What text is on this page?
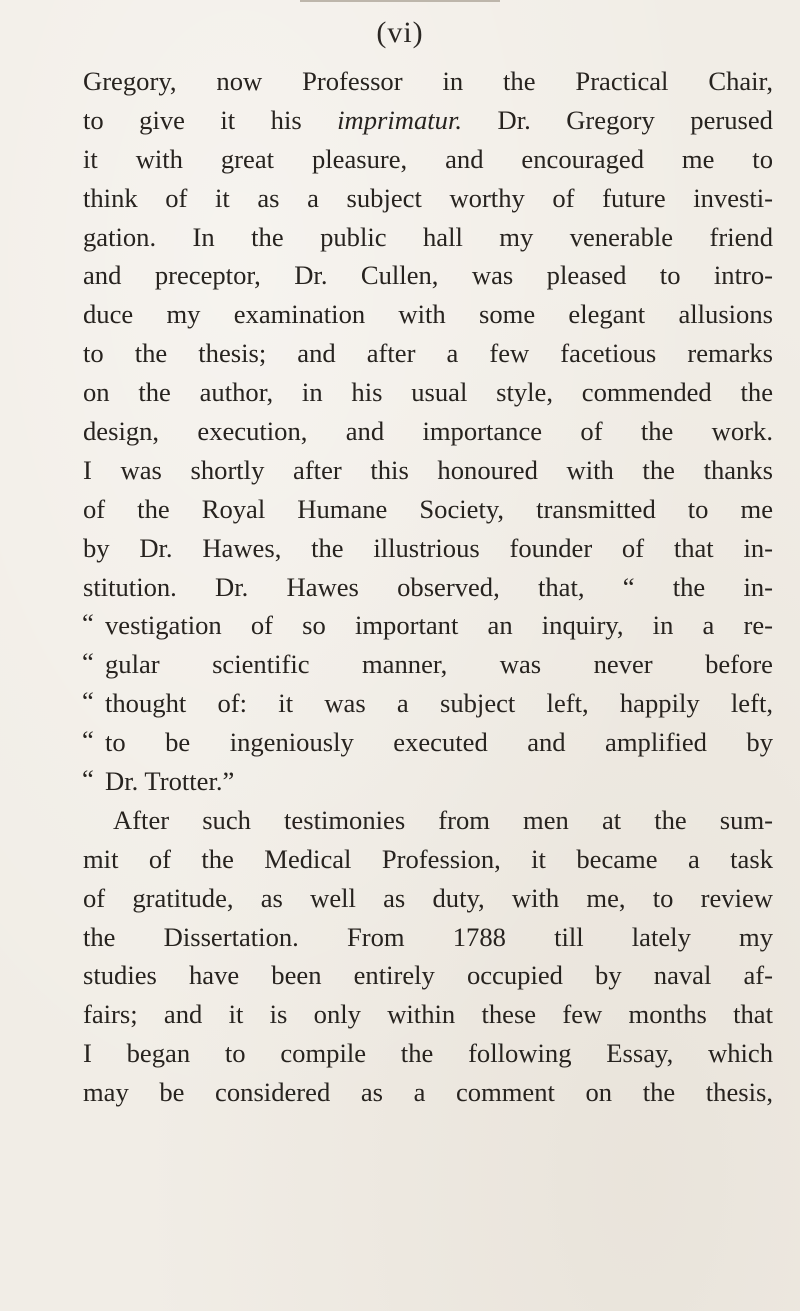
(vi)
Gregory, now Professor in the Practical Chair,
to give it his imprimatur. Dr. Gregory perused
it with great pleasure, and encouraged me to
think of it as a subject worthy of future investi-
gation. In the public hall my venerable friend
and preceptor, Dr. Cullen, was pleased to intro-
duce my examination with some elegant allusions
to the thesis; and after a few facetious remarks
on the author, in his usual style, commended the
design, execution, and importance of the work.
I was shortly after this honoured with the thanks
of the Royal Humane Society, transmitted to me
by Dr. Hawes, the illustrious founder of that in-
stitution. Dr. Hawes observed, that, “ the in-
“ vestigation of so important an inquiry, in a re-
“ gular scientific manner, was never before
“ thought of: it was a subject left, happily left,
“ to be ingeniously executed and amplified by
“ Dr. Trotter.”
After such testimonies from men at the sum-
mit of the Medical Profession, it became a task
of gratitude, as well as duty, with me, to review
the Dissertation. From 1788 till lately my
studies have been entirely occupied by naval af-
fairs; and it is only within these few months that
I began to compile the following Essay, which
may be considered as a comment on the thesis,
